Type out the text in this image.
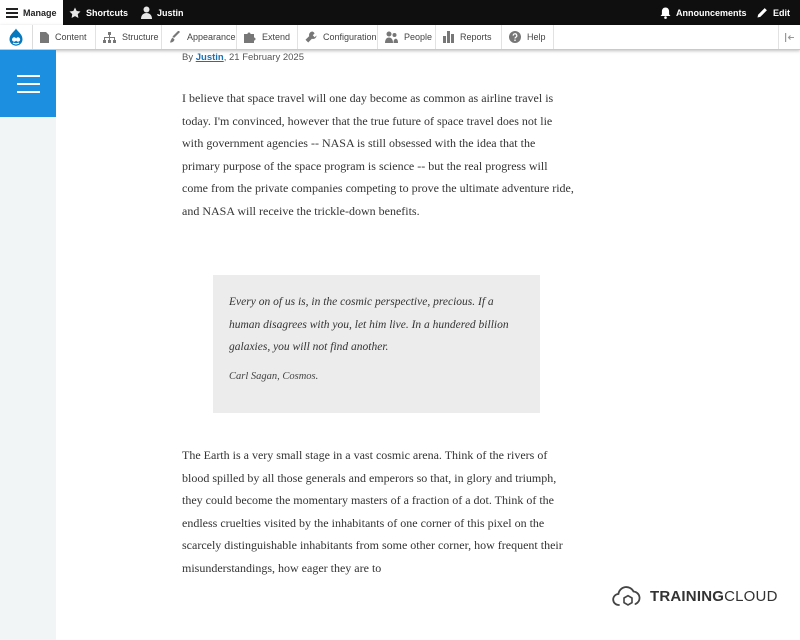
Manage	Shortcuts	Justin	Announcements	Edit
Content	Structure	Appearance	Extend	Configuration	People	Reports	Help
By Justin, 21 February 2025

I believe that space travel will one day become as common as airline travel is today. I'm convinced, however that the true future of space travel does not lie with government agencies -- NASA is still obsessed with the idea that the primary purpose of the space program is science -- but the real progress will come from the private companies competing to prove the ultimate adventure ride, and NASA will receive the trickle-down benefits.

Every on of us is, in the cosmic perspective, precious. If a human disagrees with you, let him live. In a hundered billion galaxies, you will not find another.

Carl Sagan, Cosmos.

The Earth is a very small stage in a vast cosmic arena. Think of the rivers of blood spilled by all those generals and emperors so that, in glory and triumph, they could become the momentary masters of a fraction of a dot. Think of the endless cruelties visited by the inhabitants of one corner of this pixel on the scarcely distinguishable inhabitants from some other corner, how frequent their misunderstandings, how eager they are to

TRAININGCLOUD
